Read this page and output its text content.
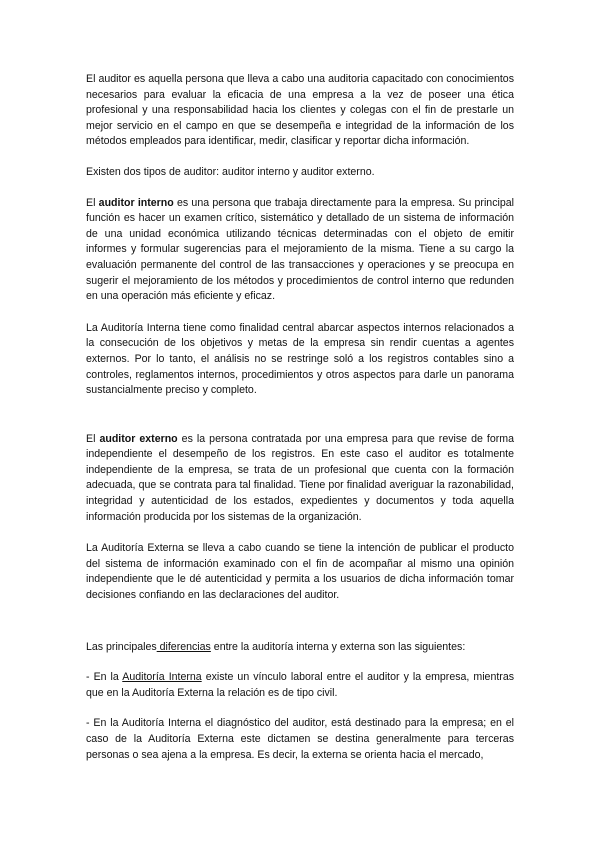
El auditor es aquella persona que lleva a cabo una auditoria capacitado con conocimientos necesarios para evaluar la eficacia de una empresa a la vez de poseer una ética profesional y una responsabilidad hacia los clientes y colegas con el fin de prestarle un mejor servicio en el campo en que se desempeña e integridad de la información de los métodos empleados para identificar, medir, clasificar y reportar dicha información.

Existen dos tipos de auditor: auditor interno y auditor externo.

El auditor interno es una persona que trabaja directamente para la empresa. Su principal función es hacer un examen crítico, sistemático y detallado de un sistema de información de una unidad económica utilizando técnicas determinadas con el objeto de emitir informes y formular sugerencias para el mejoramiento de la misma. Tiene a su cargo la evaluación permanente del control de las transacciones y operaciones y se preocupa en sugerir el mejoramiento de los métodos y procedimientos de control interno que redunden en una operación más eficiente y eficaz.

La Auditoría Interna tiene como finalidad central abarcar aspectos internos relacionados a la consecución de los objetivos y metas de la empresa sin rendir cuentas a agentes externos. Por lo tanto, el análisis no se restringe soló a los registros contables sino a controles, reglamentos internos, procedimientos y otros aspectos para darle un panorama sustancialmente preciso y completo.

El auditor externo es la persona contratada por una empresa para que revise de forma independiente el desempeño de los registros. En este caso el auditor es totalmente independiente de la empresa, se trata de un profesional que cuenta con la formación adecuada, que se contrata para tal finalidad. Tiene por finalidad averiguar la razonabilidad, integridad y autenticidad de los estados, expedientes y documentos y toda aquella información producida por los sistemas de la organización.

La Auditoría Externa se lleva a cabo cuando se tiene la intención de publicar el producto del sistema de información examinado con el fin de acompañar al mismo una opinión independiente que le dé autenticidad y permita a los usuarios de dicha información tomar decisiones confiando en las declaraciones del auditor.

Las principales diferencias entre la auditoría interna y externa son las siguientes:

- En la Auditoría Interna existe un vínculo laboral entre el auditor y la empresa, mientras que en la Auditoría Externa la relación es de tipo civil.

- En la Auditoría Interna el diagnóstico del auditor, está destinado para la empresa; en el caso de la Auditoría Externa este dictamen se destina generalmente para terceras personas o sea ajena a la empresa. Es decir, la externa se orienta hacia el mercado,
